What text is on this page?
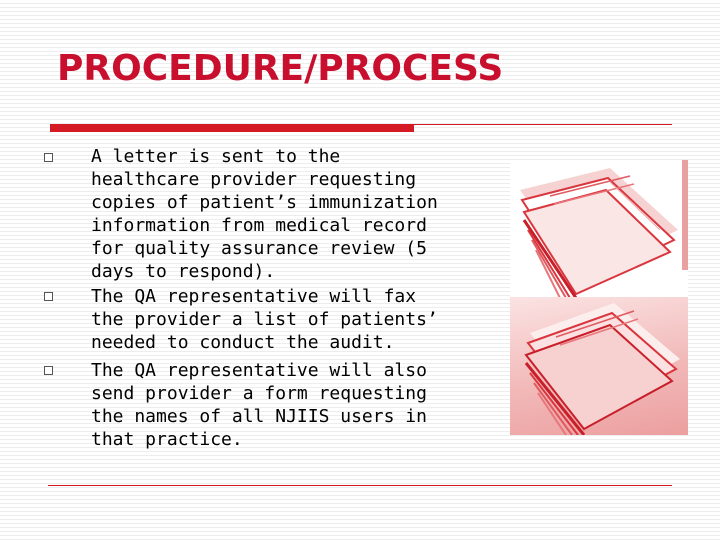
PROCEDURE/PROCESS
A letter is sent to the healthcare provider requesting copies of patient’s immunization information from medical record for quality assurance review (5 days to respond).
The QA representative will fax the provider a list of patients’ needed to conduct the audit.
The QA representative will also send provider a form requesting the names of all NJIIS users in that practice.
